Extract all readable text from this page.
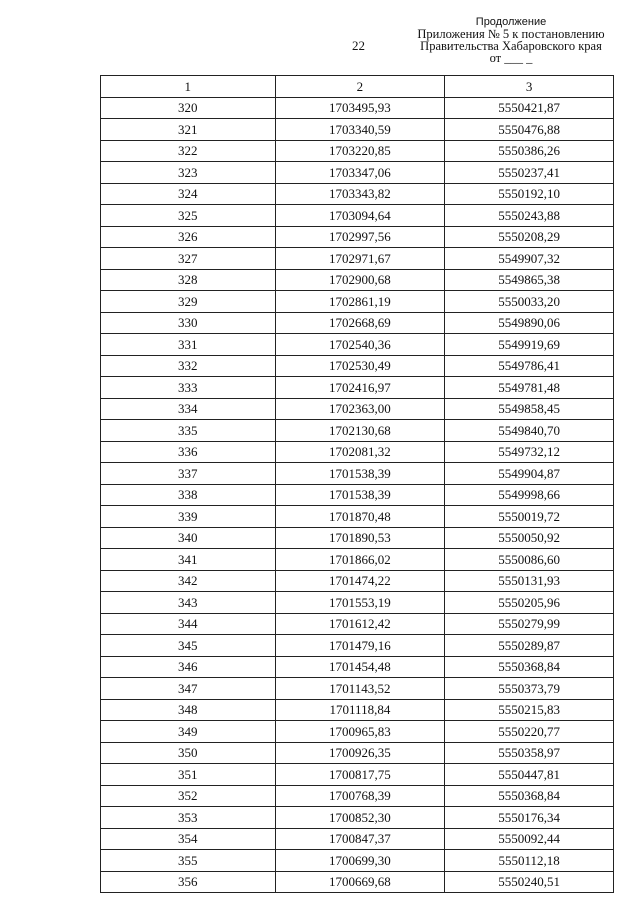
22
Продолжение
Приложения № 5 к постановлению
Правительства Хабаровского края
от ___ _
1	2	3
320	1703495,93	5550421,87
321	1703340,59	5550476,88
322	1703220,85	5550386,26
323	1703347,06	5550237,41
324	1703343,82	5550192,10
325	1703094,64	5550243,88
326	1702997,56	5550208,29
327	1702971,67	5549907,32
328	1702900,68	5549865,38
329	1702861,19	5550033,20
330	1702668,69	5549890,06
331	1702540,36	5549919,69
332	1702530,49	5549786,41
333	1702416,97	5549781,48
334	1702363,00	5549858,45
335	1702130,68	5549840,70
336	1702081,32	5549732,12
337	1701538,39	5549904,87
338	1701538,39	5549998,66
339	1701870,48	5550019,72
340	1701890,53	5550050,92
341	1701866,02	5550086,60
342	1701474,22	5550131,93
343	1701553,19	5550205,96
344	1701612,42	5550279,99
345	1701479,16	5550289,87
346	1701454,48	5550368,84
347	1701143,52	5550373,79
348	1701118,84	5550215,83
349	1700965,83	5550220,77
350	1700926,35	5550358,97
351	1700817,75	5550447,81
352	1700768,39	5550368,84
353	1700852,30	5550176,34
354	1700847,37	5550092,44
355	1700699,30	5550112,18
356	1700669,68	5550240,51
